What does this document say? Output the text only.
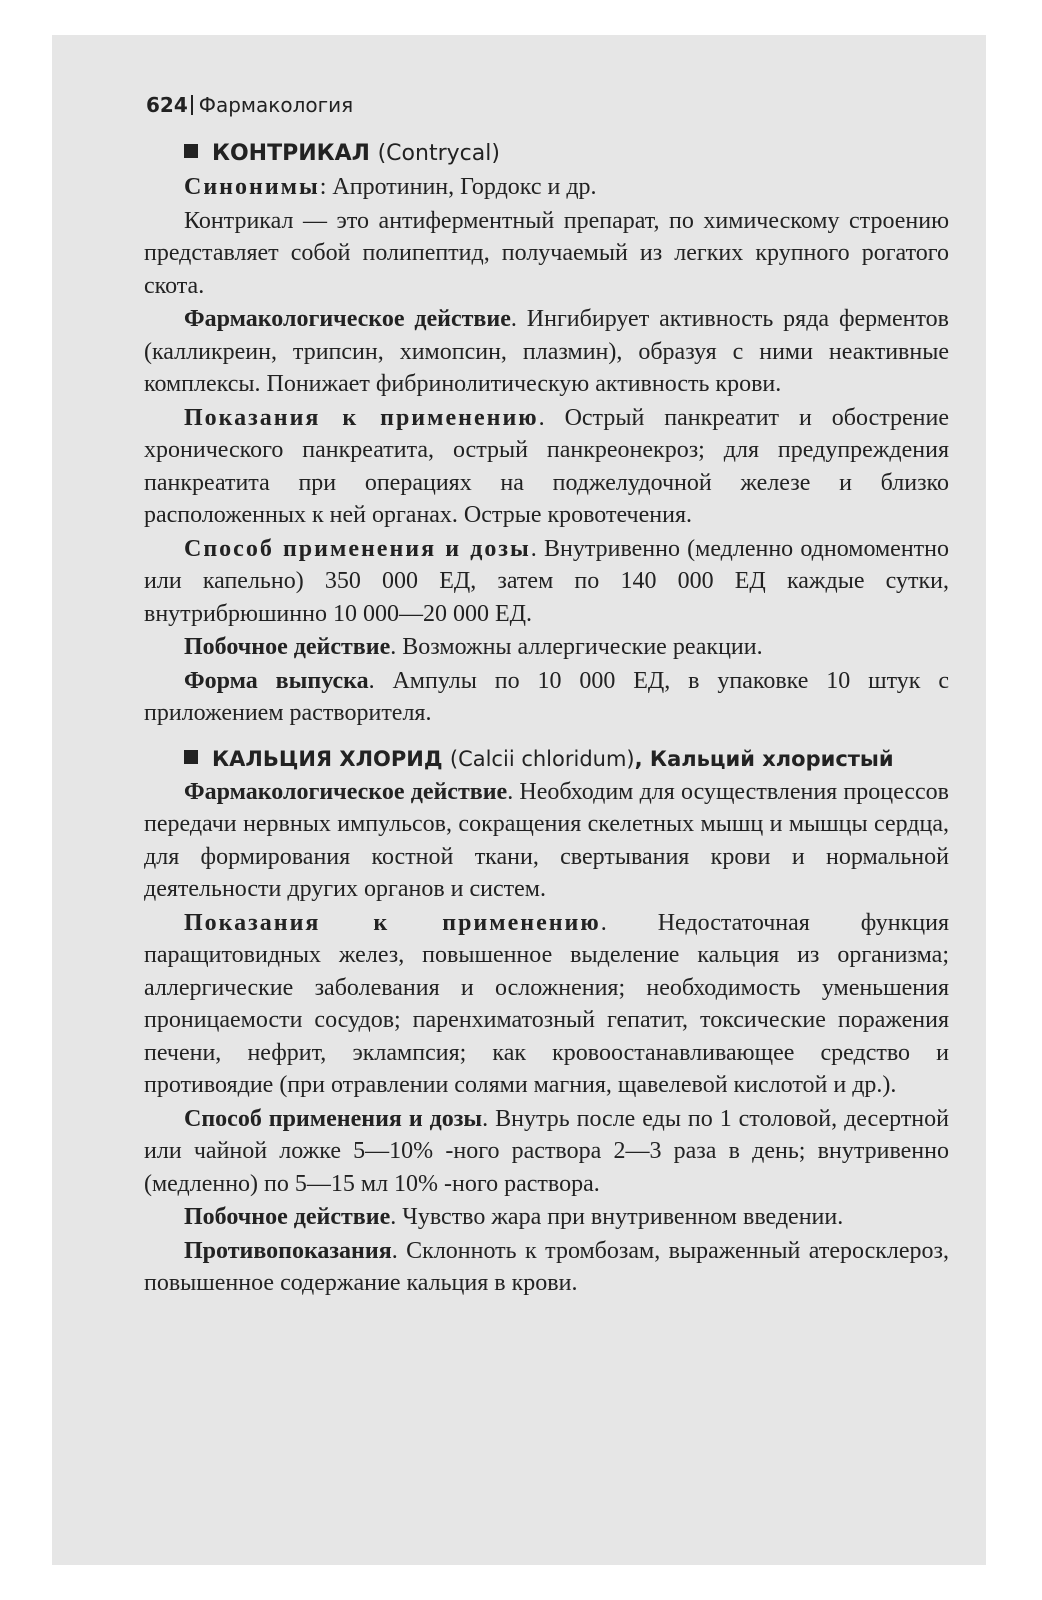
624 Фармакология
КОНТРИКАЛ (Contrycal)

Синонимы: Апротинин, Гордокс и др.

Контрикал — это антиферментный препарат, по химическому строению представляет собой полипептид, получаемый из легких крупного рогатого скота.

Фармакологическое действие. Ингибирует активность ряда ферментов (калликреин, трипсин, химопсин, плазмин), образуя с ними неактивные комплексы. Понижает фибринолитическую активность крови.

Показания к применению. Острый панкреатит и обострение хронического панкреатита, острый панкреонекроз; для предупреждения панкреатита при операциях на поджелудочной железе и близко расположенных к ней органах. Острые кровотечения.

Способ применения и дозы. Внутривенно (медленно одномоментно или капельно) 350 000 ЕД, затем по 140 000 ЕД каждые сутки, внутрибрюшинно 10 000—20 000 ЕД.

Побочное действие. Возможны аллергические реакции.

Форма выпуска. Ампулы по 10 000 ЕД, в упаковке 10 штук с приложением растворителя.

КАЛЬЦИЯ ХЛОРИД (Calcii chloridum), Кальций хлористый

Фармакологическое действие. Необходим для осуществления процессов передачи нервных импульсов, сокращения скелетных мышц и мышцы сердца, для формирования костной ткани, свертывания крови и нормальной деятельности других органов и систем.

Показания к применению. Недостаточная функция паращитовидных желез, повышенное выделение кальция из организма; аллергические заболевания и осложнения; необходимость уменьшения проницаемости сосудов; паренхиматозный гепатит, токсические поражения печени, нефрит, эклампсия; как кровоостанавливающее средство и противоядие (при отравлении солями магния, щавелевой кислотой и др.).

Способ применения и дозы. Внутрь после еды по 1 столовой, десертной или чайной ложке 5—10% -ного раствора 2—3 раза в день; внутривенно (медленно) по 5—15 мл 10% -ного раствора.

Побочное действие. Чувство жара при внутривенном введении.

Противопоказания. Склонноть к тромбозам, выраженный атеросклероз, повышенное содержание кальция в крови.
